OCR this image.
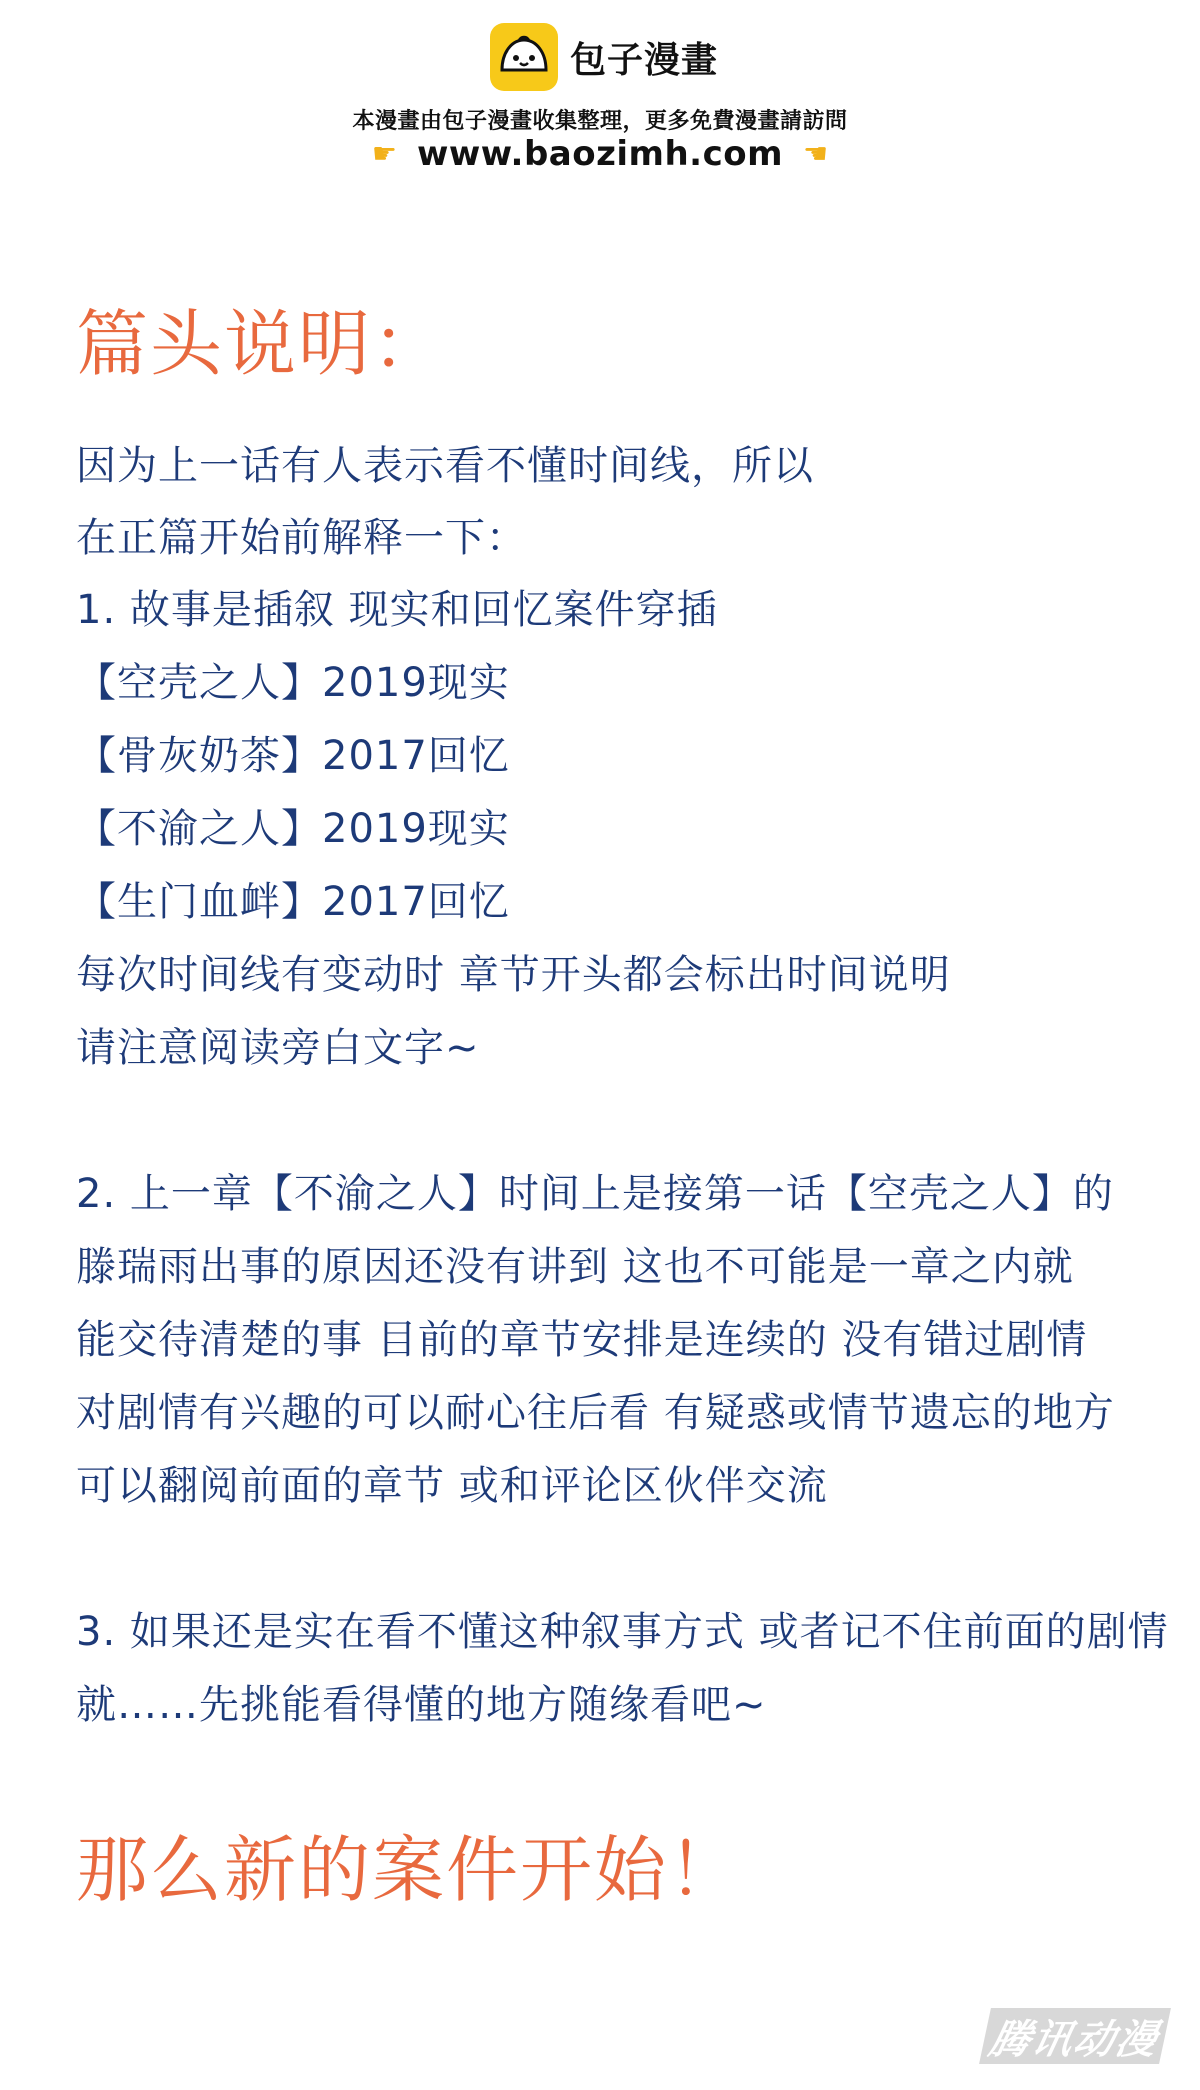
包子漫畫
本漫畫由包子漫畫收集整理，更多免費漫畫請訪問
☛ www.baozimh.com ☚
篇头说明：
因为上一话有人表示看不懂时间线，所以
在正篇开始前解释一下：
1. 故事是插叙 现实和回忆案件穿插
【空壳之人】2019现实
【骨灰奶茶】2017回忆
【不渝之人】2019现实
【生门血衅】2017回忆
每次时间线有变动时 章节开头都会标出时间说明
请注意阅读旁白文字~
2. 上一章【不渝之人】时间上是接第一话【空壳之人】的
滕瑞雨出事的原因还没有讲到 这也不可能是一章之内就
能交待清楚的事 目前的章节安排是连续的 没有错过剧情
对剧情有兴趣的可以耐心往后看 有疑惑或情节遗忘的地方
可以翻阅前面的章节 或和评论区伙伴交流
3. 如果还是实在看不懂这种叙事方式 或者记不住前面的剧情
就……先挑能看得懂的地方随缘看吧~
那么新的案件开始！
腾讯动漫
